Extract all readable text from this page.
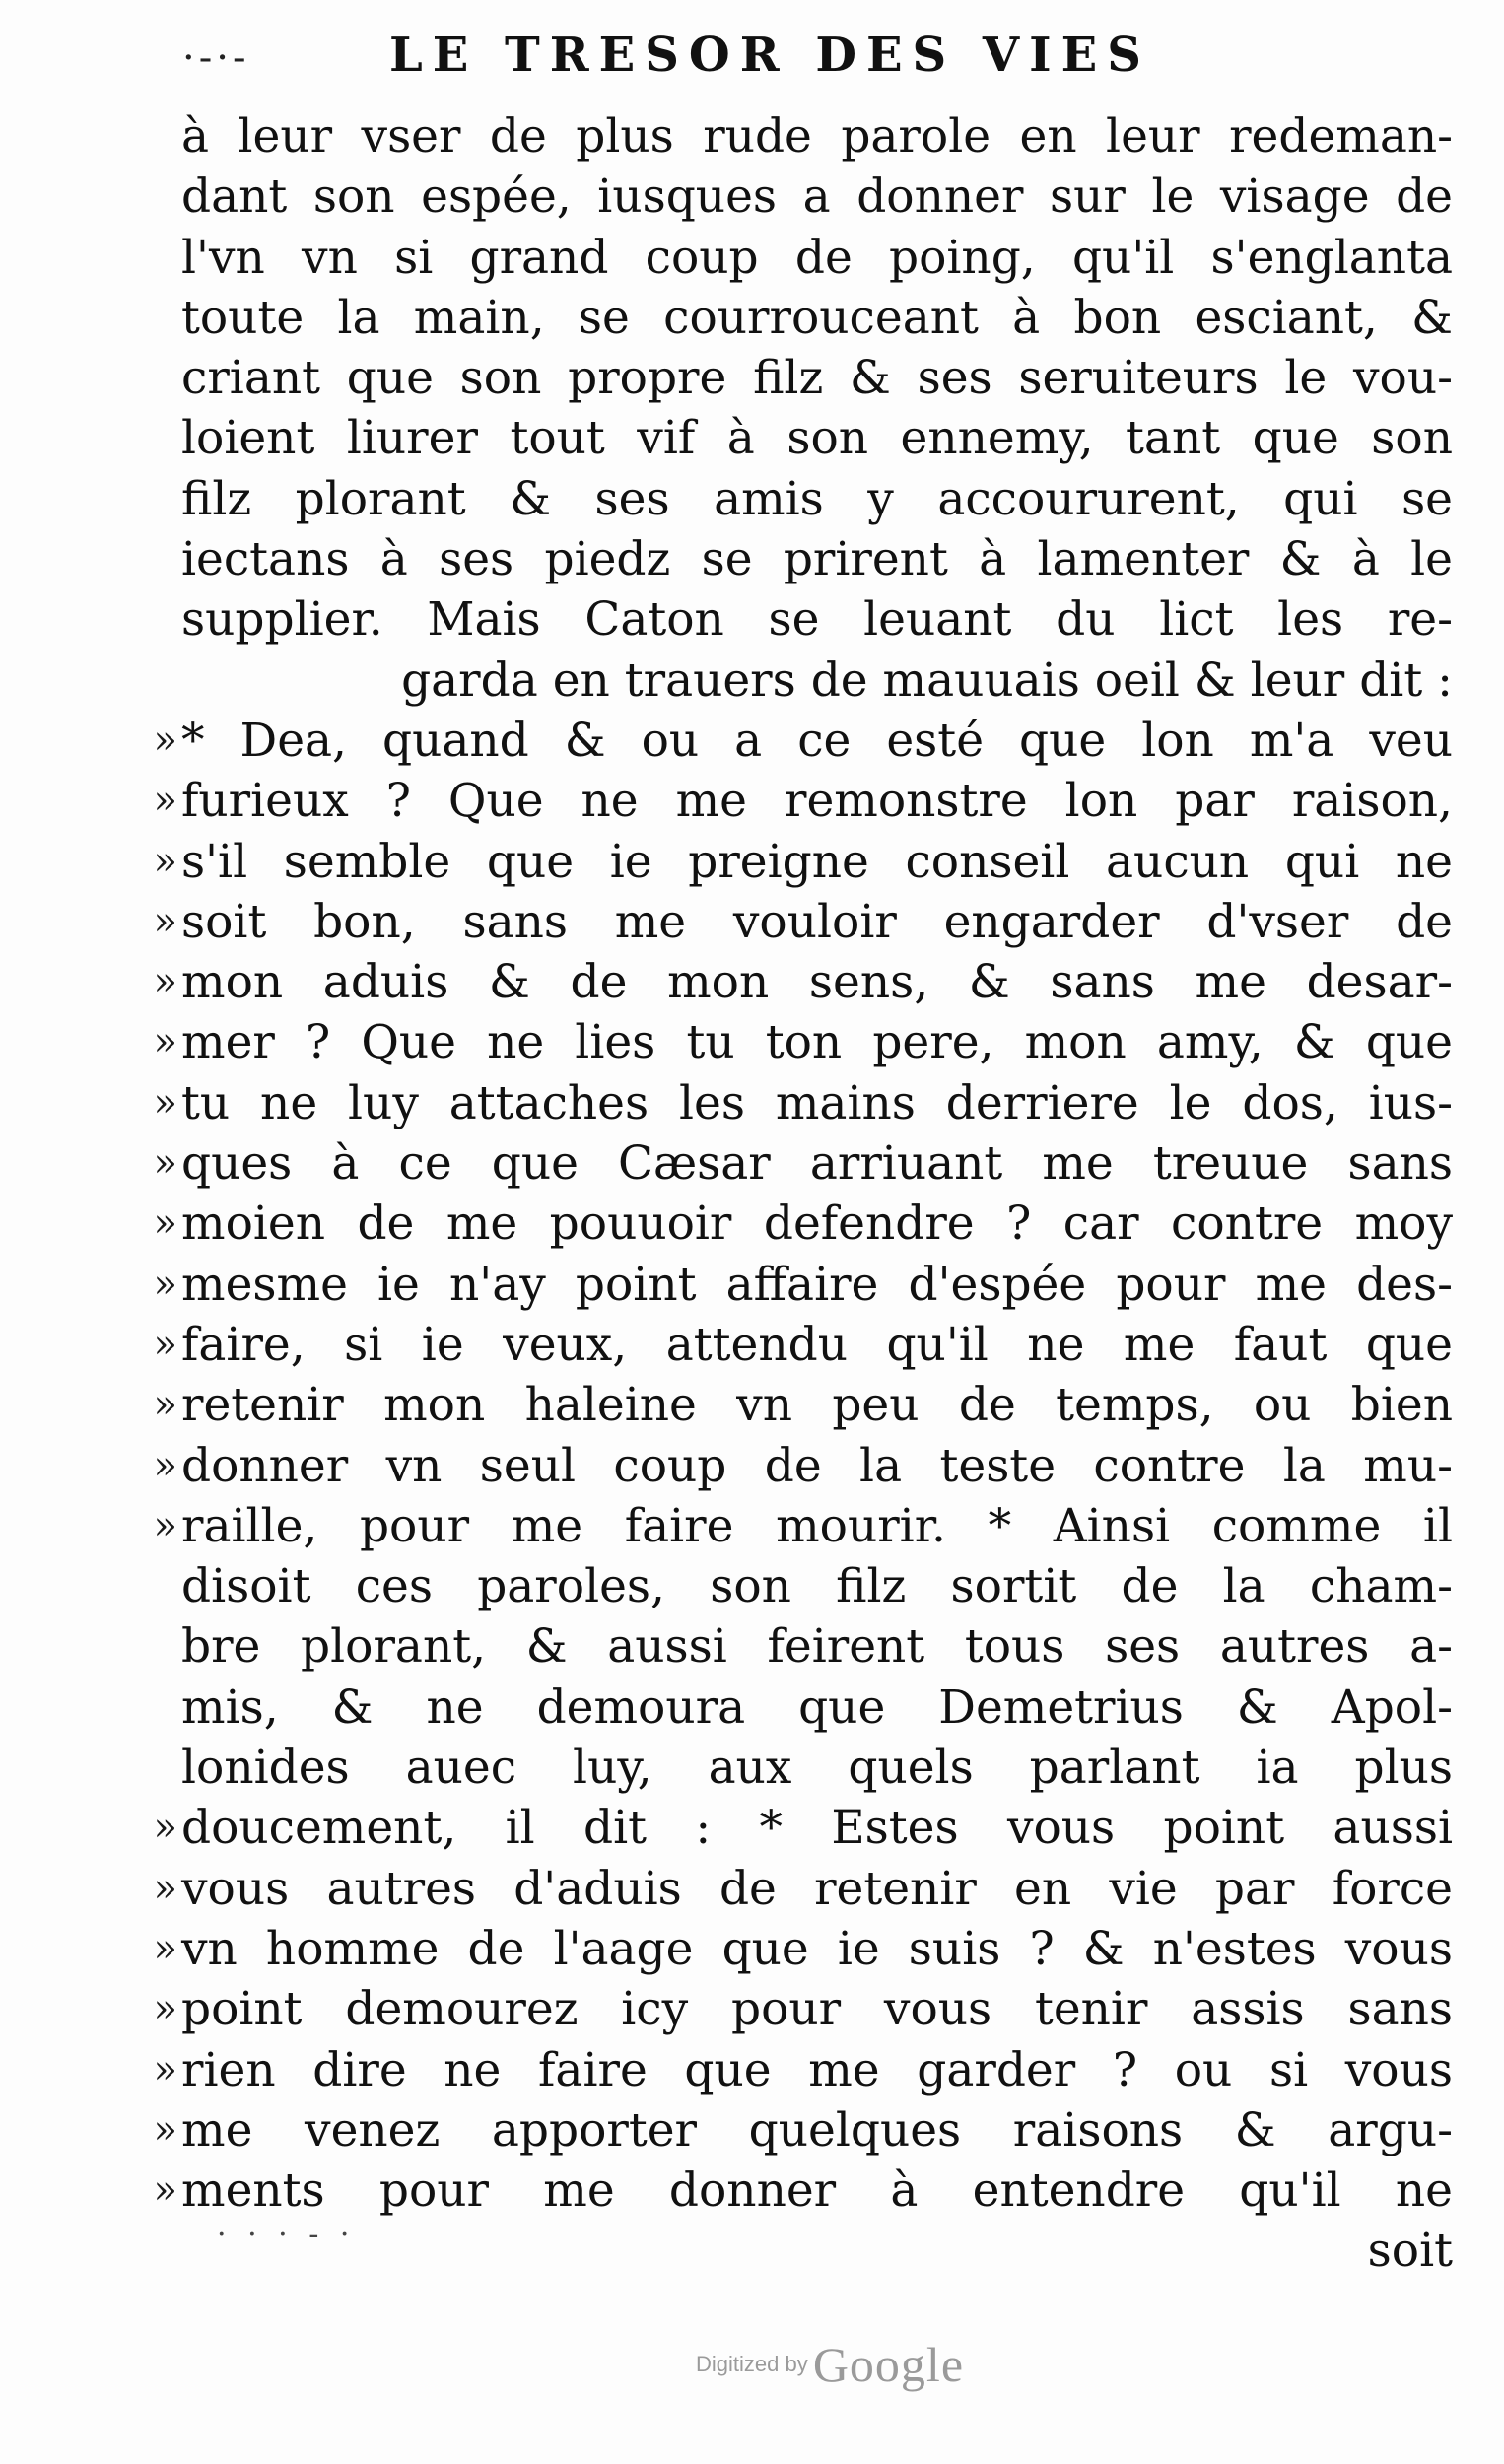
·‐·‐	LE TRESOR DES VIES
à leur vser de plus rude parole en leur redeman-
dant son espée, iusques a donner sur le visage de
l'vn vn si grand coup de poing, qu'il s'englanta
toute la main, se courrouceant à bon esciant, &
criant que son propre filz & ses seruiteurs le vou-
loient liurer tout vif à son ennemy, tant que son
filz plorant & ses amis y accoururent, qui se
iectans à ses piedz se prirent à lamenter & à le
supplier. Mais Caton se leuant du lict les re-
garda en trauers de mauuais oeil & leur dit :
» * Dea, quand & ou a ce esté que lon m'a veu
» furieux ? Que ne me remonstre lon par raison,
» s'il semble que ie preigne conseil aucun qui ne
» soit bon, sans me vouloir engarder d'vser de
» mon aduis & de mon sens, & sans me desar-
» mer ? Que ne lies tu ton pere, mon amy, & que
» tu ne luy attaches les mains derriere le dos, ius-
» ques à ce que Cæsar arriuant me treuue sans
» moien de me pouuoir defendre ? car contre moy
» mesme ie n'ay point affaire d'espée pour me des-
» faire, si ie veux, attendu qu'il ne me faut que
» retenir mon haleine vn peu de temps, ou bien
» donner vn seul coup de la teste contre la mu-
» raille, pour me faire mourir. * Ainsi comme il
disoit ces paroles, son filz sortit de la cham-
bre plorant, & aussi feirent tous ses autres a-
mis, & ne demoura que Demetrius & Apol-
lonides auec luy, aux quels parlant ia plus
» doucement, il dit : * Estes vous point aussi
» vous autres d'aduis de retenir en vie par force
» vn homme de l'aage que ie suis ? & n'estes vous
» point demourez icy pour vous tenir assis sans
» rien dire ne faire que me garder ? ou si vous
» me venez apporter quelques raisons & argu-
» ments pour me donner à entendre qu'il ne
soit
· · · ‐ ·
Digitized by Google
